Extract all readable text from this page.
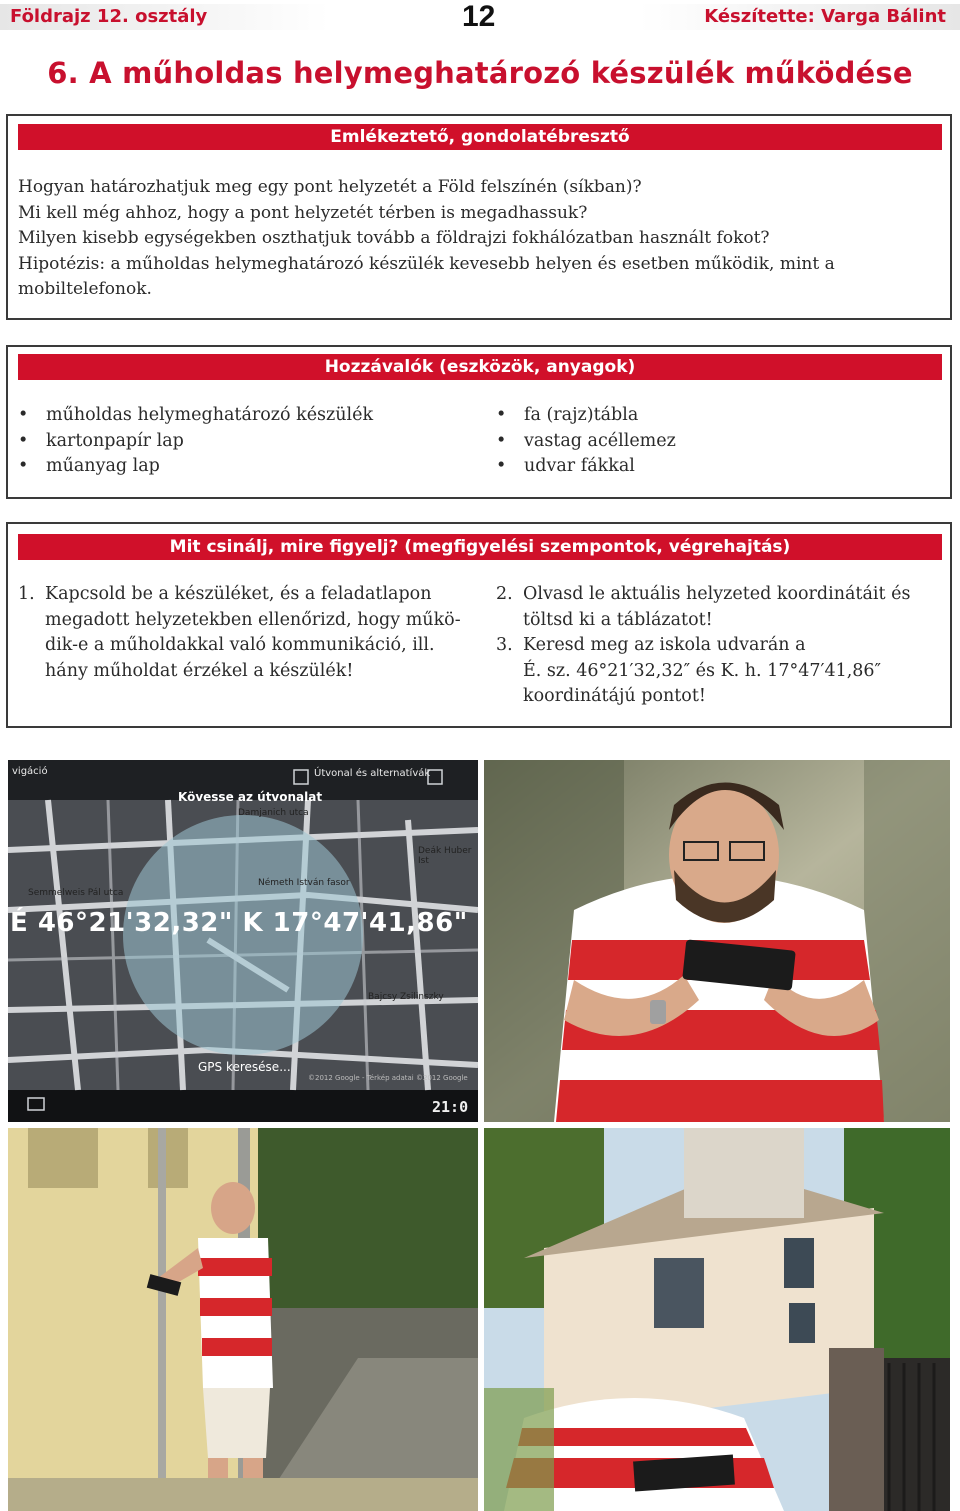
Földrajz 12. osztály	12	Készítette: Varga Bálint
6. A műholdas helymeghatározó készülék működése
Emlékeztető, gondolatébresztő
Hogyan határozhatjuk meg egy pont helyzetét a Föld felszínén (síkban)?
Mi kell még ahhoz, hogy a pont helyzetét térben is megadhassuk?
Milyen kisebb egységekben oszthatjuk tovább a földrajzi fokhálózatban használt fokot?
Hipotézis: a műholdas helymeghatározó készülék kevesebb helyen és esetben működik, mint a
mobiltelefonok.
Hozzávalók (eszközök, anyagok)
• műholdas helymeghatározó készülék
• kartonpapír lap
• műanyag lap
• fa (rajz)tábla
• vastag acéllemez
• udvar fákkal
Mit csinálj, mire figyelj? (megfigyelési szempontok, végrehajtás)
1. Kapcsold be a készüléket, és a feladatlapon
megadott helyzetekben ellenőrizd, hogy műkö-
dik-e a műholdakkal való kommunikáció, ill.
hány műholdat érzékel a készülék!
2. Olvasd le aktuális helyzeted koordinátáit és
töltsd ki a táblázatot!
3. Keresd meg az iskola udvarán a
É. sz. 46°21′32,32″ és K. h. 17°47′41,86″
koordinátájú pontot!
vigáció	Útvonal és alternatívák
Kövesse az útvonalat
Damjanich utca
Deák Huber Ist
Semmelweis Pál utca
Németh István fasor
Bajcsy Zsilinszky
É 46°21'32,32" K 17°47'41,86"
GPS keresése...
©2012 Google - Térkép adatai ©2012 Google
21:0
